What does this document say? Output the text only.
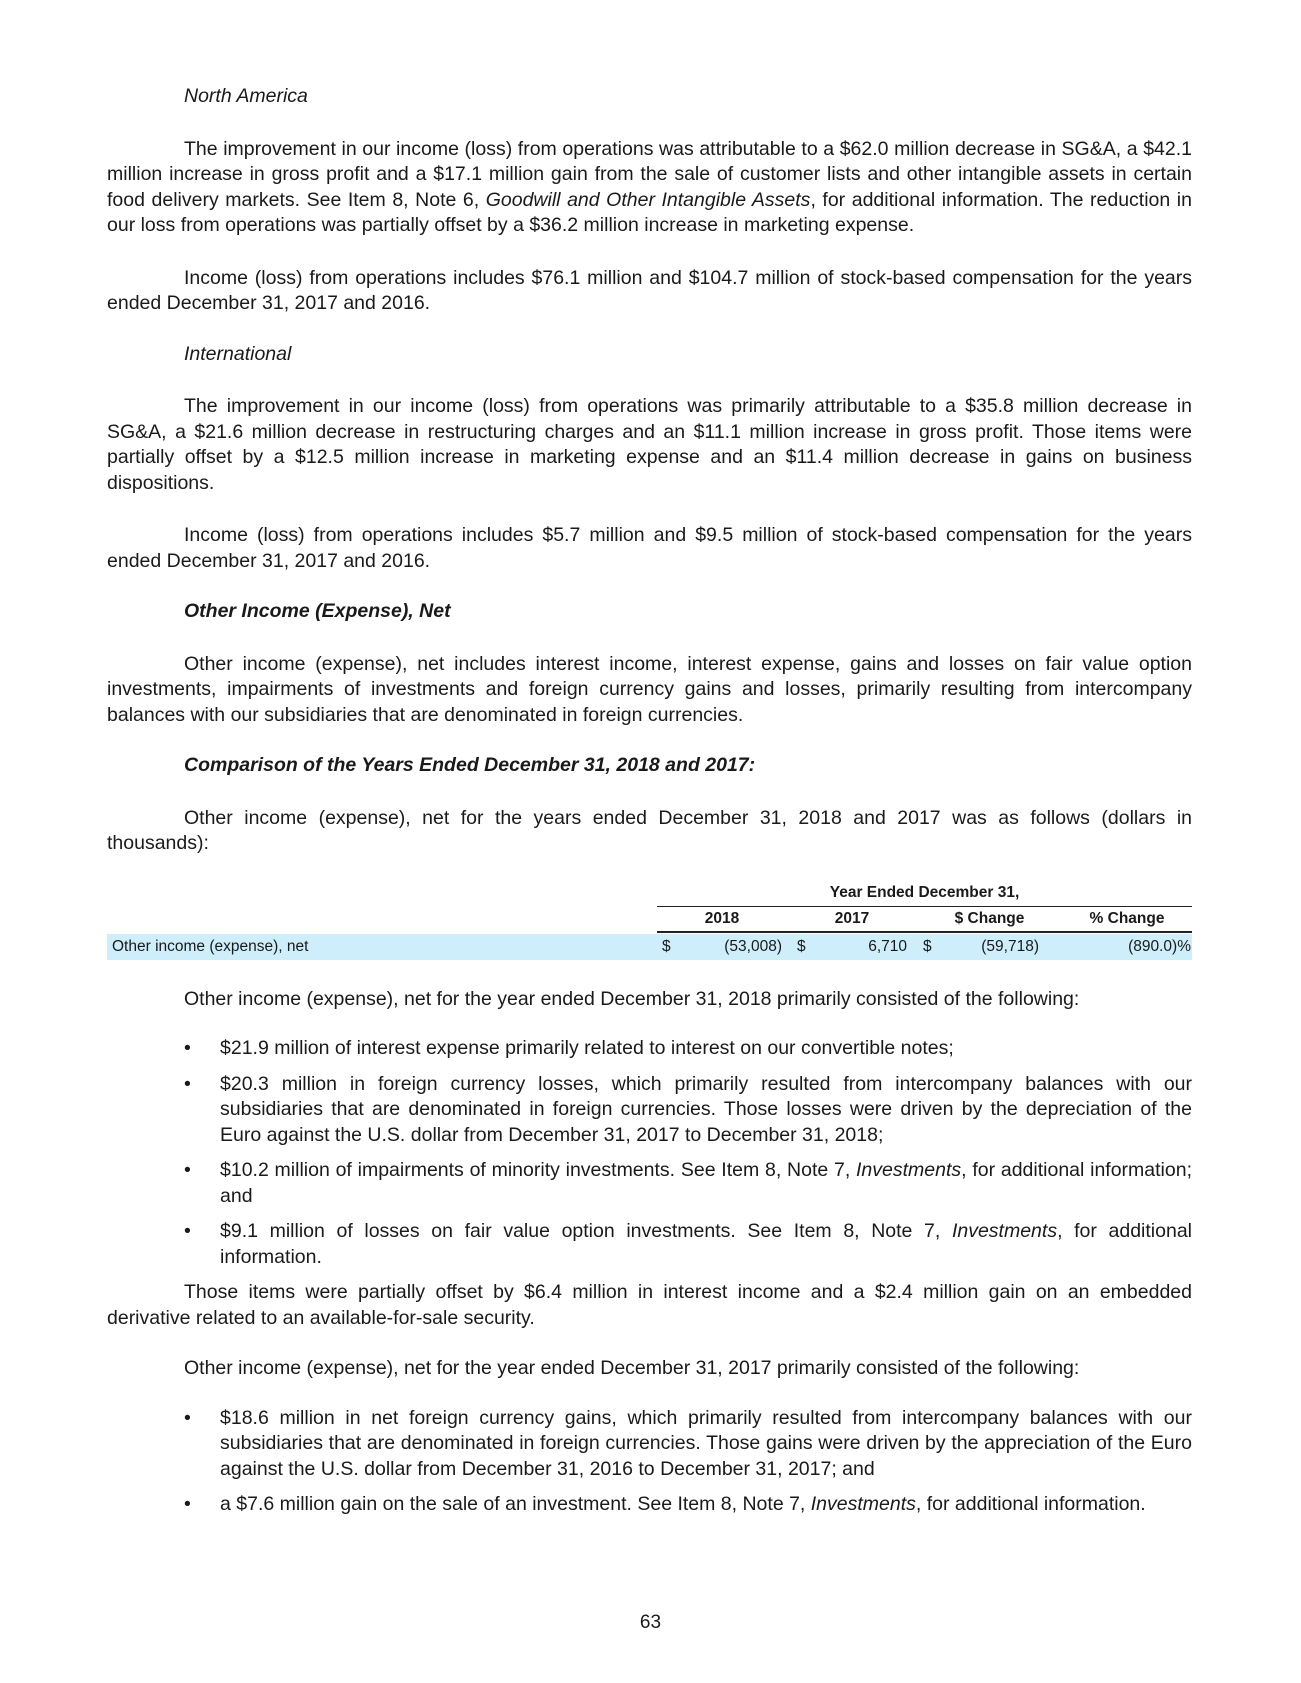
North America

The improvement in our income (loss) from operations was attributable to a $62.0 million decrease in SG&A, a $42.1 million increase in gross profit and a $17.1 million gain from the sale of customer lists and other intangible assets in certain food delivery markets. See Item 8, Note 6, Goodwill and Other Intangible Assets, for additional information. The reduction in our loss from operations was partially offset by a $36.2 million increase in marketing expense.

Income (loss) from operations includes $76.1 million and $104.7 million of stock-based compensation for the years ended December 31, 2017 and 2016.

International

The improvement in our income (loss) from operations was primarily attributable to a $35.8 million decrease in SG&A, a $21.6 million decrease in restructuring charges and an $11.1 million increase in gross profit. Those items were partially offset by a $12.5 million increase in marketing expense and an $11.4 million decrease in gains on business dispositions.

Income (loss) from operations includes $5.7 million and $9.5 million of stock-based compensation for the years ended December 31, 2017 and 2016.

Other Income (Expense), Net

Other income (expense), net includes interest income, interest expense, gains and losses on fair value option investments, impairments of investments and foreign currency gains and losses, primarily resulting from intercompany balances with our subsidiaries that are denominated in foreign currencies.

Comparison of the Years Ended December 31, 2018 and 2017:

Other income (expense), net for the years ended December 31, 2018 and 2017 was as follows (dollars in thousands):

Year Ended December 31,
2018	2017	$ Change	% Change
Other income (expense), net	$	(53,008) $	6,710 $	(59,718)	(890.0)%

Other income (expense), net for the year ended December 31, 2018 primarily consisted of the following:

• $21.9 million of interest expense primarily related to interest on our convertible notes;
• $20.3 million in foreign currency losses, which primarily resulted from intercompany balances with our subsidiaries that are denominated in foreign currencies. Those losses were driven by the depreciation of the Euro against the U.S. dollar from December 31, 2017 to December 31, 2018;
• $10.2 million of impairments of minority investments. See Item 8, Note 7, Investments, for additional information; and
• $9.1 million of losses on fair value option investments. See Item 8, Note 7, Investments, for additional information.

Those items were partially offset by $6.4 million in interest income and a $2.4 million gain on an embedded derivative related to an available-for-sale security.

Other income (expense), net for the year ended December 31, 2017 primarily consisted of the following:

• $18.6 million in net foreign currency gains, which primarily resulted from intercompany balances with our subsidiaries that are denominated in foreign currencies. Those gains were driven by the appreciation of the Euro against the U.S. dollar from December 31, 2016 to December 31, 2017; and
• a $7.6 million gain on the sale of an investment. See Item 8, Note 7, Investments, for additional information.
63
